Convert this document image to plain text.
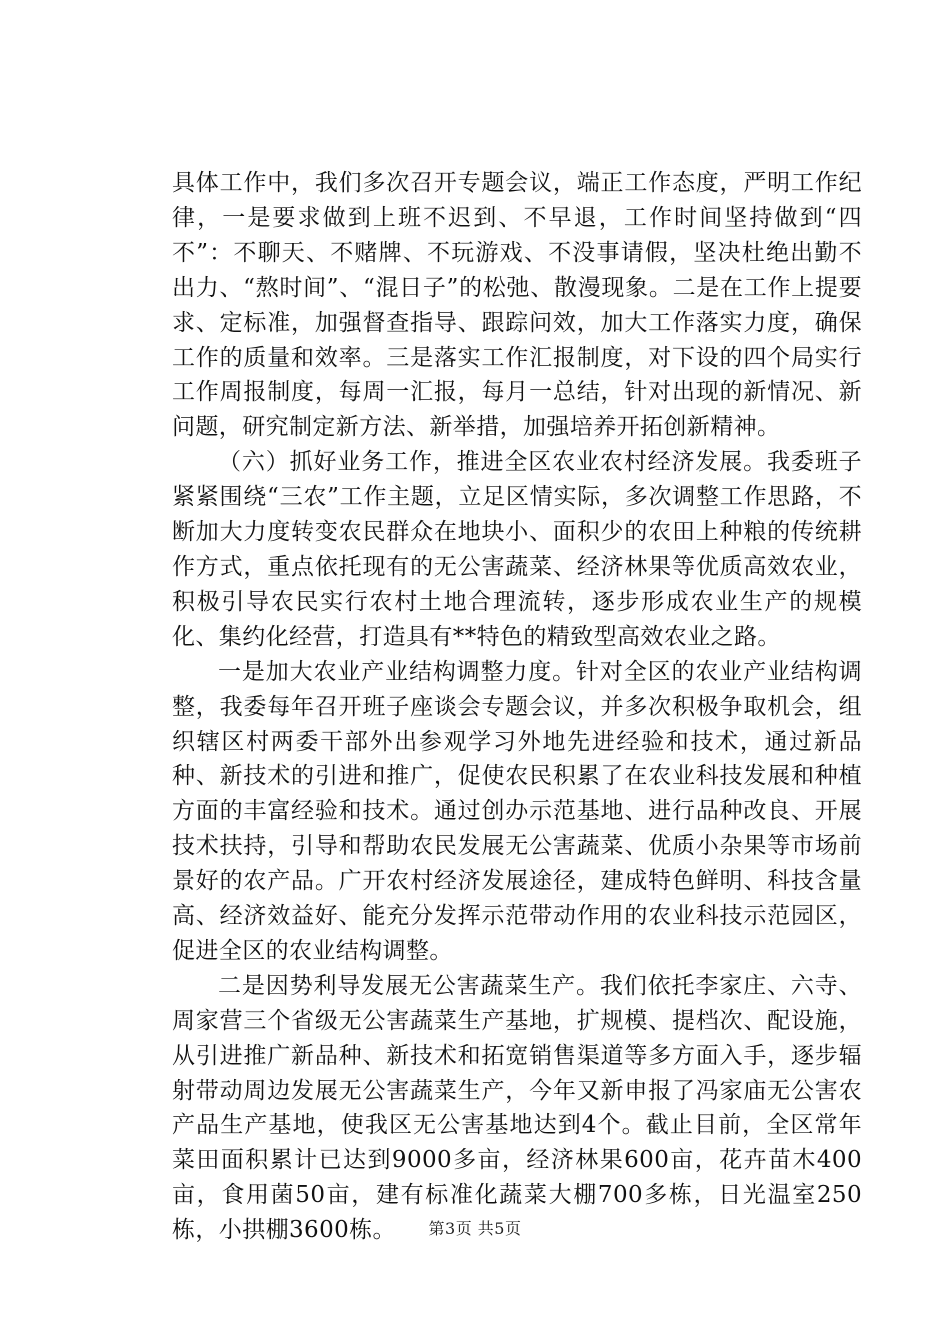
具体工作中，我们多次召开专题会议，端正工作态度，严明工作纪律，一是要求做到上班不迟到、不早退，工作时间坚持做到“四不”：不聊天、不赌牌、不玩游戏、不没事请假，坚决杜绝出勤不出力、“熬时间”、“混日子”的松弛、散漫现象。二是在工作上提要求、定标准，加强督查指导、跟踪问效，加大工作落实力度，确保工作的质量和效率。三是落实工作汇报制度，对下设的四个局实行工作周报制度，每周一汇报，每月一总结，针对出现的新情况、新问题，研究制定新方法、新举措，加强培养开拓创新精神。

（六）抓好业务工作，推进全区农业农村经济发展。我委班子紧紧围绕“三农”工作主题，立足区情实际，多次调整工作思路，不断加大力度转变农民群众在地块小、面积少的农田上种粮的传统耕作方式，重点依托现有的无公害蔬菜、经济林果等优质高效农业，积极引导农民实行农村土地合理流转，逐步形成农业生产的规模化、集约化经营，打造具有**特色的精致型高效农业之路。

一是加大农业产业结构调整力度。针对全区的农业产业结构调整，我委每年召开班子座谈会专题会议，并多次积极争取机会，组织辖区村两委干部外出参观学习外地先进经验和技术，通过新品种、新技术的引进和推广，促使农民积累了在农业科技发展和种植方面的丰富经验和技术。通过创办示范基地、进行品种改良、开展技术扶持，引导和帮助农民发展无公害蔬菜、优质小杂果等市场前景好的农产品。广开农村经济发展途径，建成特色鲜明、科技含量高、经济效益好、能充分发挥示范带动作用的农业科技示范园区，促进全区的农业结构调整。

二是因势利导发展无公害蔬菜生产。我们依托李家庄、六寺、周家营三个省级无公害蔬菜生产基地，扩规模、提档次、配设施，从引进推广新品种、新技术和拓宽销售渠道等多方面入手，逐步辐射带动周边发展无公害蔬菜生产，今年又新申报了冯家庙无公害农产品生产基地，使我区无公害基地达到4个。截止目前，全区常年菜田面积累计已达到9000多亩，经济林果600亩，花卉苗木400亩，食用菌50亩，建有标准化蔬菜大棚700多栋，日光温室250栋，小拱棚3600栋。	第3页 共5页
